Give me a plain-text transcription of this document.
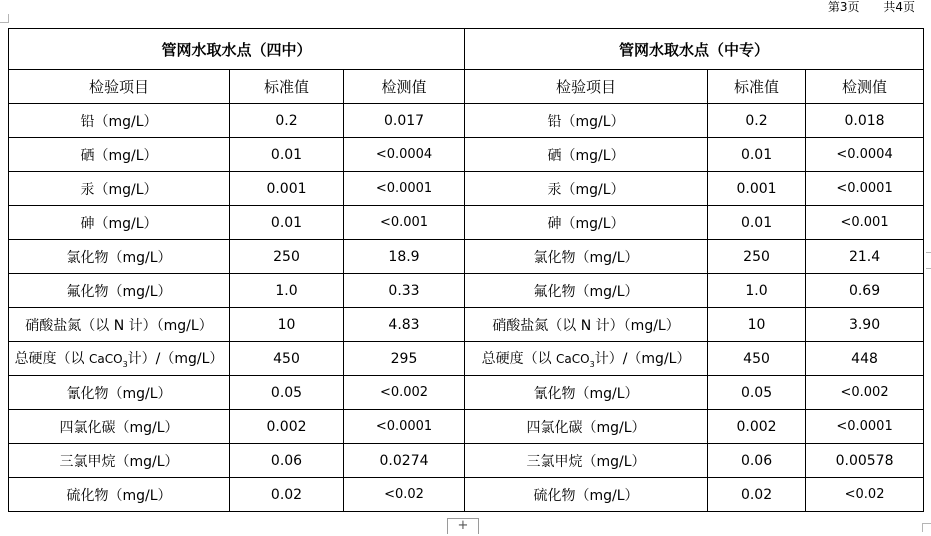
第3页 共4页
管网水取水点（四中）			管网水取水点（中专）		
检验项目	标准值	检测值	检验项目	标准值	检测值
铅（mg/L）	0.2	0.017	铅（mg/L）	0.2	0.018
硒（mg/L）	0.01	<0.0004	硒（mg/L）	0.01	<0.0004
汞（mg/L）	0.001	<0.0001	汞（mg/L）	0.001	<0.0001
砷（mg/L）	0.01	<0.001	砷（mg/L）	0.01	<0.001
氯化物（mg/L）	250	18.9	氯化物（mg/L）	250	21.4
氟化物（mg/L）	1.0	0.33	氟化物（mg/L）	1.0	0.69
硝酸盐氮（以 N 计）（mg/L）	10	4.83	硝酸盐氮（以 N 计）（mg/L）	10	3.90
总硬度（以 CaCO$_3$计）/（mg/L）	450	295	总硬度（以 CaCO$_3$计）/（mg/L）	450	448
氰化物（mg/L）	0.05	<0.002	氰化物（mg/L）	0.05	<0.002
四氯化碳（mg/L）	0.002	<0.0001	四氯化碳（mg/L）	0.002	<0.0001
三氯甲烷（mg/L）	0.06	0.0274	三氯甲烷（mg/L）	0.06	0.00578
硫化物（mg/L）	0.02	<0.02	硫化物（mg/L）	0.02	<0.02
+
